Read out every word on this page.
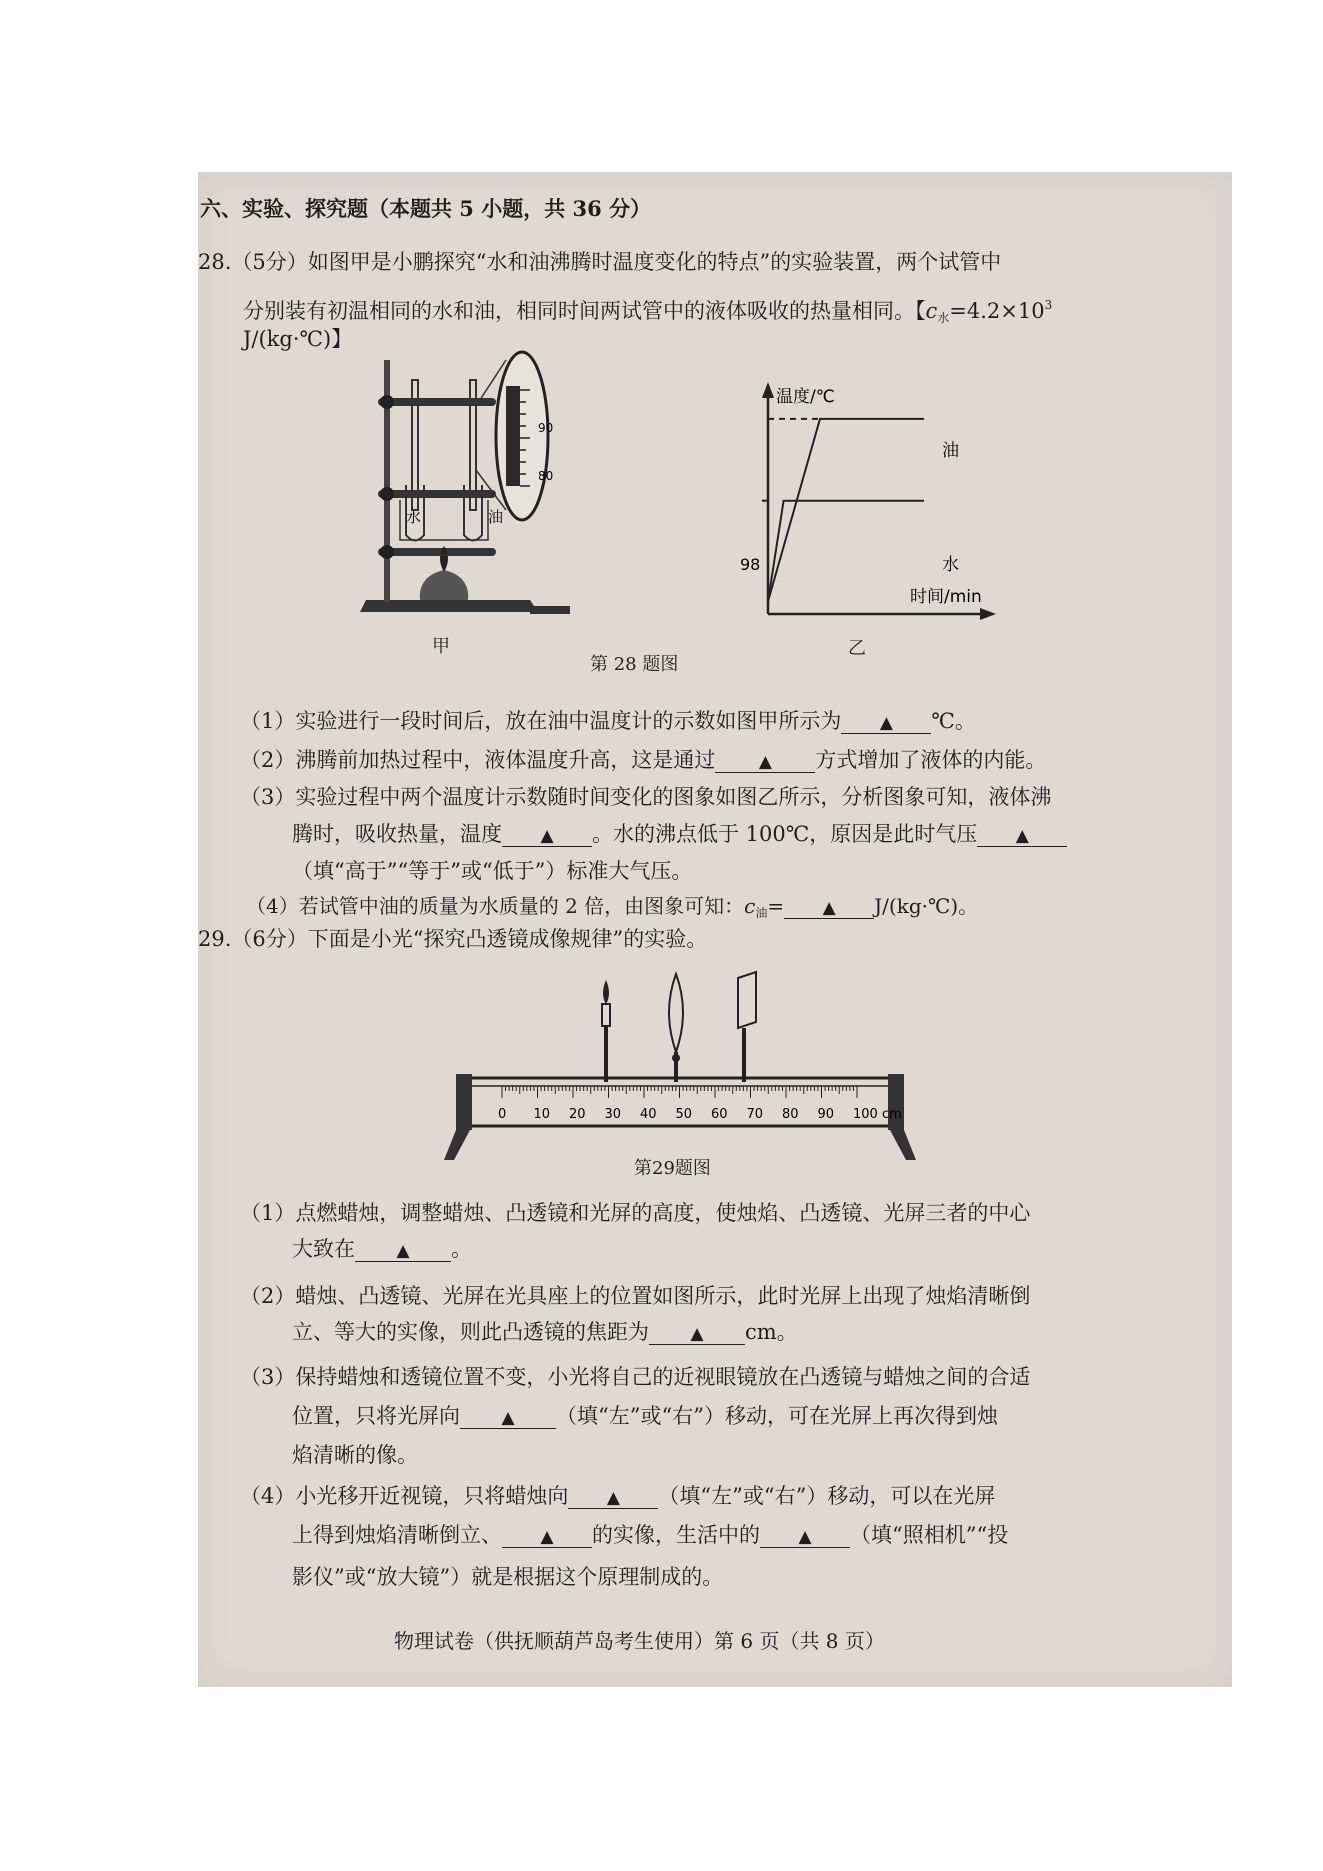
六、实验、探究题（本题共 5 小题，共 36 分）
28.（5分）如图甲是小鹏探究“水和油沸腾时温度变化的特点”的实验装置，两个试管中
分别装有初温相同的水和油，相同时间两试管中的液体吸收的热量相同。【$c_水=4.2\times 10^3$
J/(kg·℃)】
90
80
水	油
甲
温度/℃
时间/min
油
水
98
乙
第 28 题图
（1）实验进行一段时间后，放在油中温度计的示数如图甲所示为 ▲ ℃。
（2）沸腾前加热过程中，液体温度升高，这是通过	▲ 方式增加了液体的内能。
（3）实验过程中两个温度计示数随时间变化的图象如图乙所示，分析图象可知，液体沸
腾时，吸收热量，温度 ▲ 。水的沸点低于 100℃，原因是此时气压 ▲
（填“高于”“等于”或“低于”）标准大气压。
（4）若试管中油的质量为水质量的 2 倍，由图象可知：$c_油=$ ▲ J/(kg·℃)。
29.（6分）下面是小光“探究凸透镜成像规律”的实验。
0 10 20 30 40 50 60 70 80 90 100 cm
第29题图
（1）点燃蜡烛，调整蜡烛、凸透镜和光屏的高度，使烛焰、凸透镜、光屏三者的中心
大致在 ▲ 。
（2）蜡烛、凸透镜、光屏在光具座上的位置如图所示，此时光屏上出现了烛焰清晰倒
立、等大的实像，则此凸透镜的焦距为 ▲ cm。
（3）保持蜡烛和透镜位置不变，小光将自己的近视眼镜放在凸透镜与蜡烛之间的合适
位置，只将光屏向 ▲ （填“左”或“右”）移动，可在光屏上再次得到烛
焰清晰的像。
（4）小光移开近视镜，只将蜡烛向 ▲ （填“左”或“右”）移动，可以在光屏
上得到烛焰清晰倒立、 ▲ 的实像，生活中的 ▲ （填“照相机”“投
影仪”或“放大镜”）就是根据这个原理制成的。
物理试卷（供抚顺葫芦岛考生使用）第 6 页（共 8 页）
